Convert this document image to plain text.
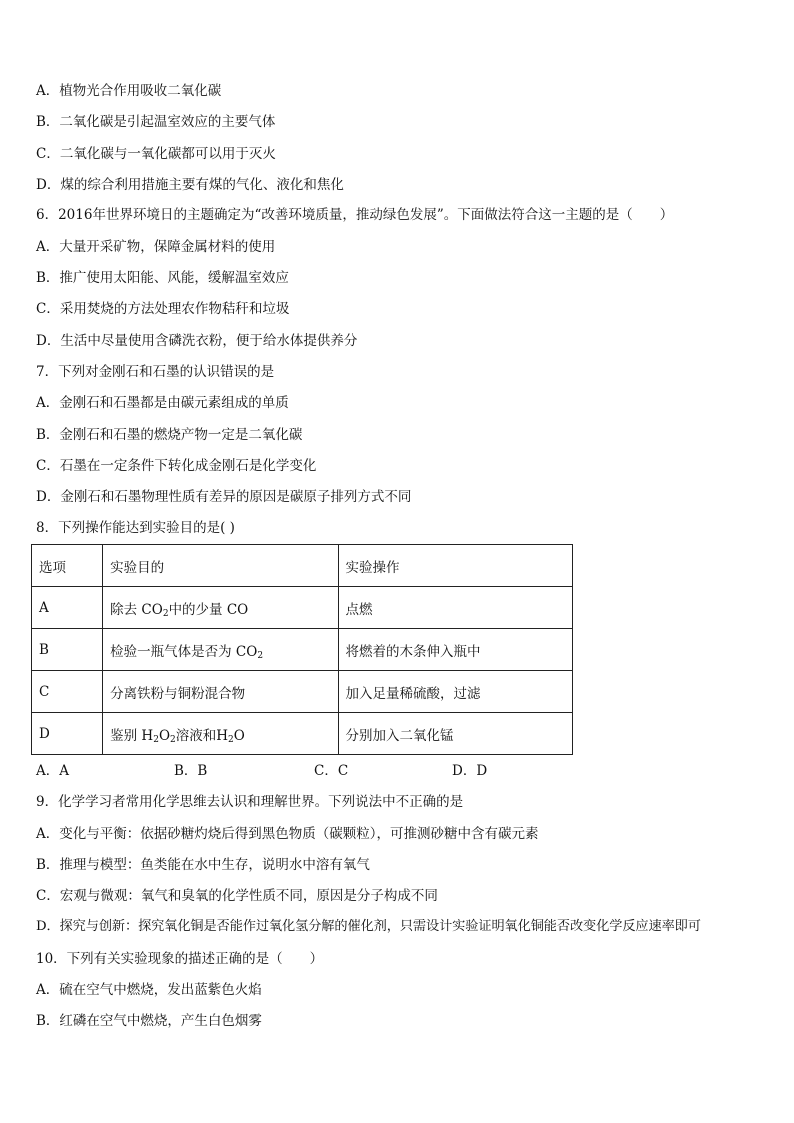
A．植物光合作用吸收二氧化碳
B．二氧化碳是引起温室效应的主要气体
C．二氧化碳与一氧化碳都可以用于灭火
D．煤的综合利用措施主要有煤的气化、液化和焦化
6．2016年世界环境日的主题确定为“改善环境质量，推动绿色发展”。下面做法符合这一主题的是（　　）
A．大量开采矿物，保障金属材料的使用
B．推广使用太阳能、风能，缓解温室效应
C．采用焚烧的方法处理农作物秸秆和垃圾
D．生活中尽量使用含磷洗衣粉，便于给水体提供养分
7．下列对金刚石和石墨的认识错误的是
A．金刚石和石墨都是由碳元素组成的单质
B．金刚石和石墨的燃烧产物一定是二氧化碳
C．石墨在一定条件下转化成金刚石是化学变化
D．金刚石和石墨物理性质有差异的原因是碳原子排列方式不同
8．下列操作能达到实验目的是( )
选项	实验目的	实验操作
A	除去 $CO_2$中的少量 CO	点燃
B	检验一瓶气体是否为 $CO_2$	将燃着的木条伸入瓶中
C	分离铁粉与铜粉混合物	加入足量稀硫酸，过滤
D	鉴别 $H_2O_2$溶液和$H_2O$	分别加入二氧化锰
A．A	B．B	C．C	D．D
9．化学学习者常用化学思维去认识和理解世界。下列说法中不正确的是
A．变化与平衡：依据砂糖灼烧后得到黑色物质（碳颗粒），可推测砂糖中含有碳元素
B．推理与模型：鱼类能在水中生存，说明水中溶有氧气
C．宏观与微观：氧气和臭氧的化学性质不同，原因是分子构成不同
D．探究与创新：探究氧化铜是否能作过氧化氢分解的催化剂，只需设计实验证明氧化铜能否改变化学反应速率即可
10．下列有关实验现象的描述正确的是（　　）
A．硫在空气中燃烧，发出蓝紫色火焰
B．红磷在空气中燃烧，产生白色烟雾
